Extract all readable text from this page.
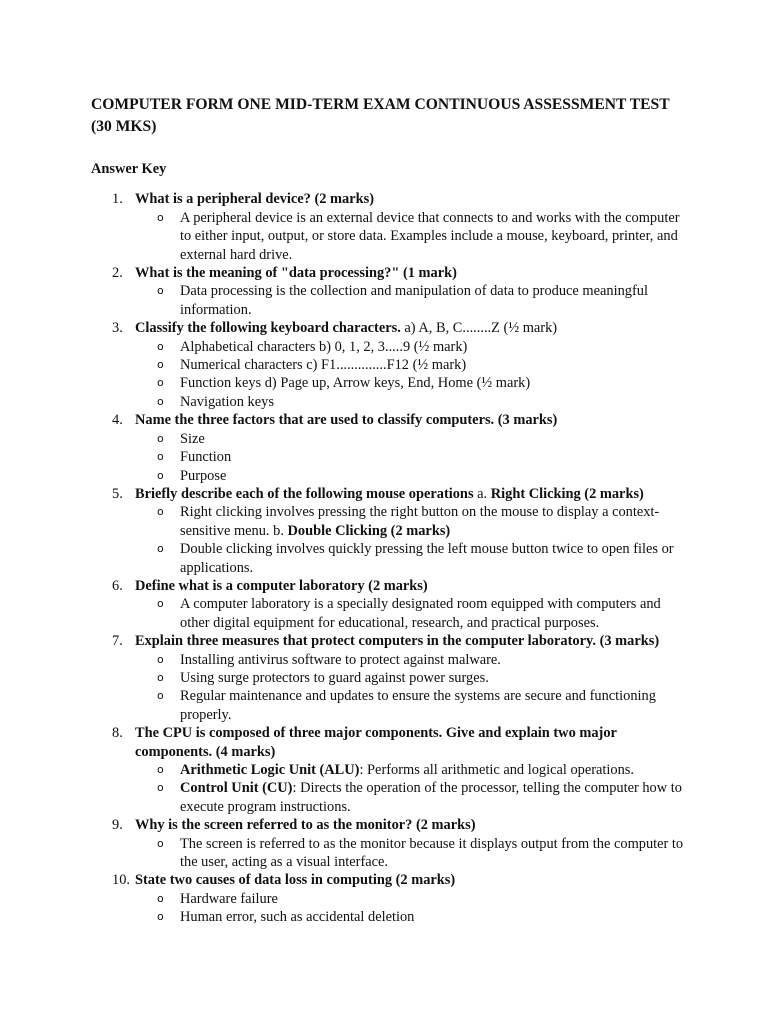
COMPUTER FORM ONE MID-TERM EXAM CONTINUOUS ASSESSMENT TEST (30 MKS)
Answer Key
1. What is a peripheral device? (2 marks)
o A peripheral device is an external device that connects to and works with the computer to either input, output, or store data. Examples include a mouse, keyboard, printer, and external hard drive.
2. What is the meaning of "data processing?" (1 mark)
o Data processing is the collection and manipulation of data to produce meaningful information.
3. Classify the following keyboard characters. a) A, B, C........Z (½ mark)
o Alphabetical characters b) 0, 1, 2, 3.....9 (½ mark)
o Numerical characters c) F1..............F12 (½ mark)
o Function keys d) Page up, Arrow keys, End, Home (½ mark)
o Navigation keys
4. Name the three factors that are used to classify computers. (3 marks)
o Size
o Function
o Purpose
5. Briefly describe each of the following mouse operations a. Right Clicking (2 marks)
o Right clicking involves pressing the right button on the mouse to display a context-sensitive menu. b. Double Clicking (2 marks)
o Double clicking involves quickly pressing the left mouse button twice to open files or applications.
6. Define what is a computer laboratory (2 marks)
o A computer laboratory is a specially designated room equipped with computers and other digital equipment for educational, research, and practical purposes.
7. Explain three measures that protect computers in the computer laboratory. (3 marks)
o Installing antivirus software to protect against malware.
o Using surge protectors to guard against power surges.
o Regular maintenance and updates to ensure the systems are secure and functioning properly.
8. The CPU is composed of three major components. Give and explain two major components. (4 marks)
o Arithmetic Logic Unit (ALU): Performs all arithmetic and logical operations.
o Control Unit (CU): Directs the operation of the processor, telling the computer how to execute program instructions.
9. Why is the screen referred to as the monitor? (2 marks)
o The screen is referred to as the monitor because it displays output from the computer to the user, acting as a visual interface.
10. State two causes of data loss in computing (2 marks)
o Hardware failure
o Human error, such as accidental deletion
